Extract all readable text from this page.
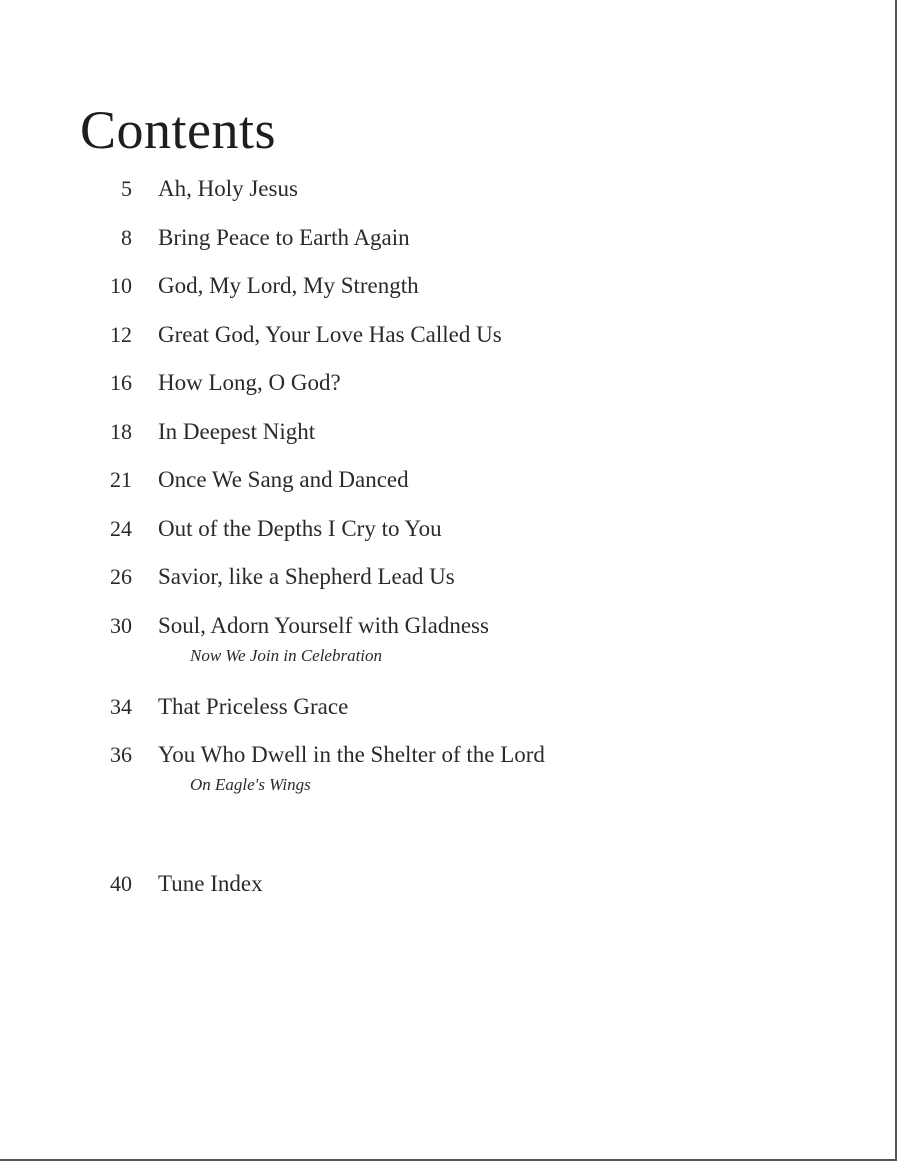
Contents
5 Ah, Holy Jesus
8 Bring Peace to Earth Again
10 God, My Lord, My Strength
12 Great God, Your Love Has Called Us
16 How Long, O God?
18 In Deepest Night
21 Once We Sang and Danced
24 Out of the Depths I Cry to You
26 Savior, like a Shepherd Lead Us
30 Soul, Adorn Yourself with Gladness
Now We Join in Celebration
34 That Priceless Grace
36 You Who Dwell in the Shelter of the Lord
On Eagle's Wings
40 Tune Index
